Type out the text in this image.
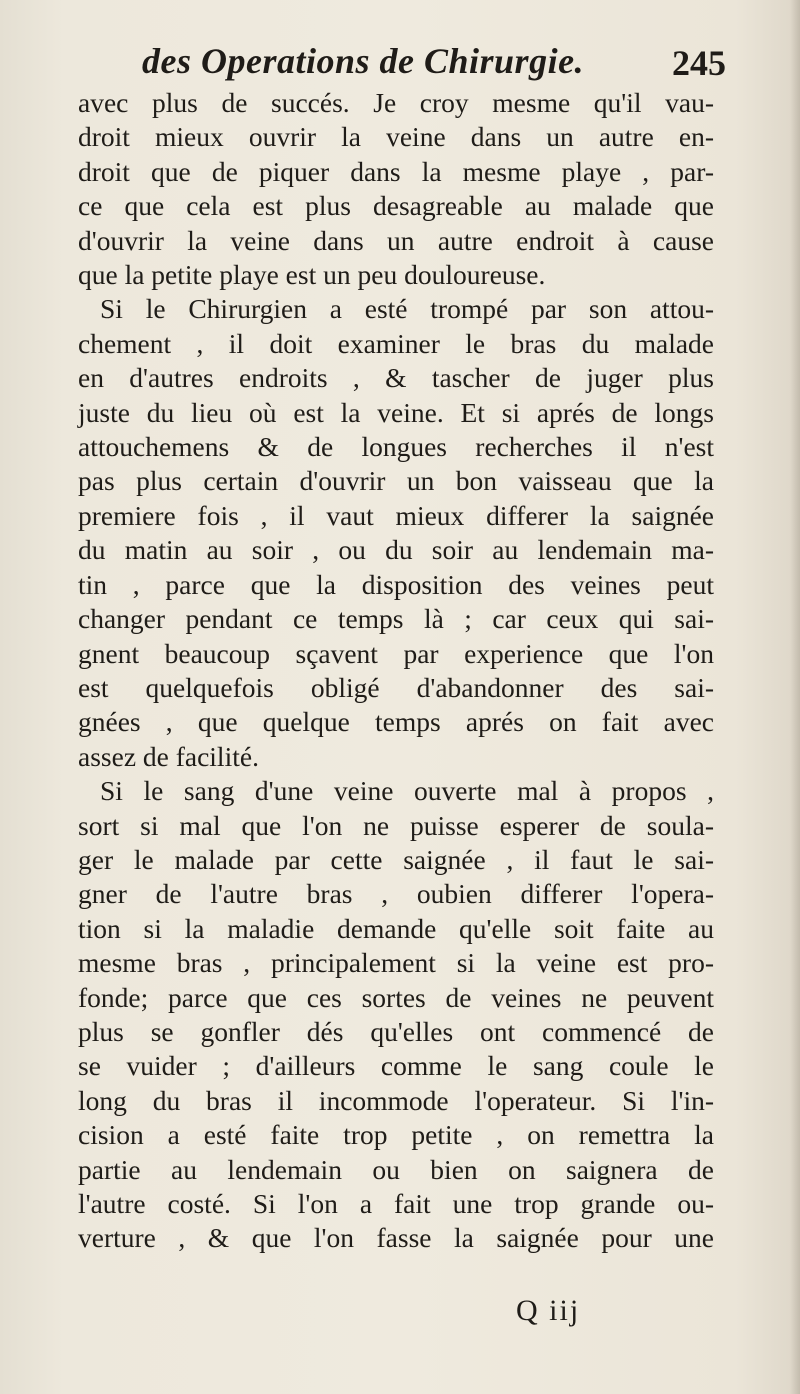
des Operations de Chirurgie. 245
avec plus de succés. Je croy mesme qu'il vau-
droit mieux ouvrir la veine dans un autre en-
droit que de piquer dans la mesme playe , par-
ce que cela est plus desagreable au malade que
d'ouvrir la veine dans un autre endroit à cause
que la petite playe est un peu douloureuse.
Si le Chirurgien a esté trompé par son attou-
chement , il doit examiner le bras du malade
en d'autres endroits , & tascher de juger plus
juste du lieu où est la veine. Et si aprés de longs
attouchemens & de longues recherches il n'est
pas plus certain d'ouvrir un bon vaisseau que la
premiere fois , il vaut mieux differer la saignée
du matin au soir , ou du soir au lendemain ma-
tin , parce que la disposition des veines peut
changer pendant ce temps là ; car ceux qui sai-
gnent beaucoup sçavent par experience que l'on
est quelquefois obligé d'abandonner des sai-
gnées , que quelque temps aprés on fait avec
assez de facilité.
Si le sang d'une veine ouverte mal à propos ,
sort si mal que l'on ne puisse esperer de soula-
ger le malade par cette saignée , il faut le sai-
gner de l'autre bras , oubien differer l'opera-
tion si la maladie demande qu'elle soit faite au
mesme bras , principalement si la veine est pro-
fonde; parce que ces sortes de veines ne peuvent
plus se gonfler dés qu'elles ont commencé de
se vuider ; d'ailleurs comme le sang coule le
long du bras il incommode l'operateur. Si l'in-
cision a esté faite trop petite , on remettra la
partie au lendemain ou bien on saignera de
l'autre costé. Si l'on a fait une trop grande ou-
verture , & que l'on fasse la saignée pour une
Q iij
